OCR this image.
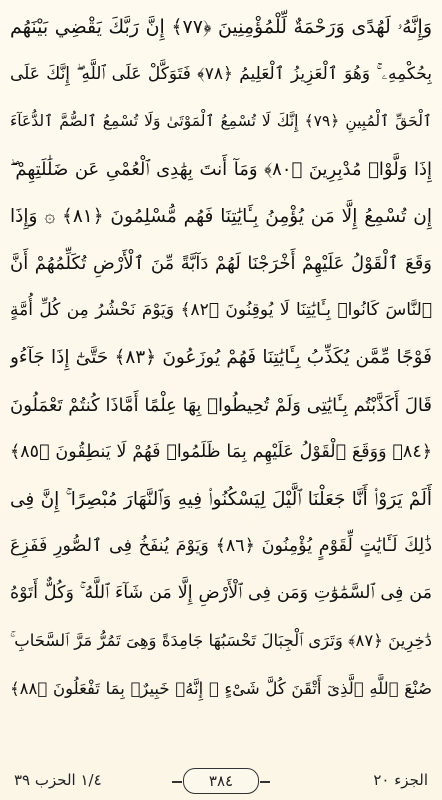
وَإِنَّهُۥ لَهُدًى وَرَحْمَةٌ لِّلْمُؤْمِنِينَ ﴿٧٧﴾ إِنَّ رَبَّكَ يَقْضِي بَيْنَهُم
بِحُكْمِهِۦ ۚ وَهُوَ ٱلْعَزِيزُ ٱلْعَلِيمُ ﴿٧٨﴾ فَتَوَكَّلْ عَلَى ٱللَّهِ ۖ إِنَّكَ عَلَى
ٱلْحَقِّ ٱلْمُبِينِ ﴿٧٩﴾ إِنَّكَ لَا تُسْمِعُ ٱلْمَوْتَىٰ وَلَا تُسْمِعُ ٱلصُّمَّ ٱلدُّعَآءَ
إِذَا وَلَّوْا۟ مُدْبِرِينَ ﴿٨٠﴾ وَمَآ أَنتَ بِهَٰدِى ٱلْعُمْىِ عَن ضَلَٰلَتِهِمْ ۖ
إِن تُسْمِعُ إِلَّا مَن يُؤْمِنُ بِـَٔايَٰتِنَا فَهُم مُّسْلِمُونَ ﴿٨١﴾ ۞ وَإِذَا
وَقَعَ ٱلْقَوْلُ عَلَيْهِمْ أَخْرَجْنَا لَهُمْ دَآبَّةً مِّنَ ٱلْأَرْضِ تُكَلِّمُهُمْ أَنَّ
ٱلنَّاسَ كَانُوا۟ بِـَٔايَٰتِنَا لَا يُوقِنُونَ ﴿٨٢﴾ وَيَوْمَ نَحْشُرُ مِن كُلِّ أُمَّةٍ
فَوْجًا مِّمَّن يُكَذِّبُ بِـَٔايَٰتِنَا فَهُمْ يُوزَعُونَ ﴿٨٣﴾ حَتَّىٰٓ إِذَا جَآءُو
قَالَ أَكَذَّبْتُم بِـَٔايَٰتِى وَلَمْ تُحِيطُوا۟ بِهَا عِلْمًا أَمَّاذَا كُنتُمْ تَعْمَلُونَ
﴿٨٤﴾ وَوَقَعَ ٱلْقَوْلُ عَلَيْهِم بِمَا ظَلَمُوا۟ فَهُمْ لَا يَنطِقُونَ ﴿٨٥﴾
أَلَمْ يَرَوْا۟ أَنَّا جَعَلْنَا ٱلَّيْلَ لِيَسْكُنُوا۟ فِيهِ وَٱلنَّهَارَ مُبْصِرًا ۚ إِنَّ فِى
ذَٰلِكَ لَـَٔايَٰتٍ لِّقَوْمٍ يُؤْمِنُونَ ﴿٨٦﴾ وَيَوْمَ يُنفَخُ فِى ٱلصُّورِ فَفَزِعَ
مَن فِى ٱلسَّمَٰوَٰتِ وَمَن فِى ٱلْأَرْضِ إِلَّا مَن شَآءَ ٱللَّهُ ۚ وَكُلٌّ أَتَوْهُ
دَٰخِرِينَ ﴿٨٧﴾ وَتَرَى ٱلْجِبَالَ تَحْسَبُهَا جَامِدَةً وَهِىَ تَمُرُّ مَرَّ ٱلسَّحَابِ ۚ
صُنْعَ ٱللَّهِ ٱلَّذِىٓ أَتْقَنَ كُلَّ شَىْءٍ ۚ إِنَّهُۥ خَبِيرٌۢ بِمَا تَفْعَلُونَ ﴿٨٨﴾
١/٤ الحزب ٣٩	٣٨٤	الجزء ٢٠
